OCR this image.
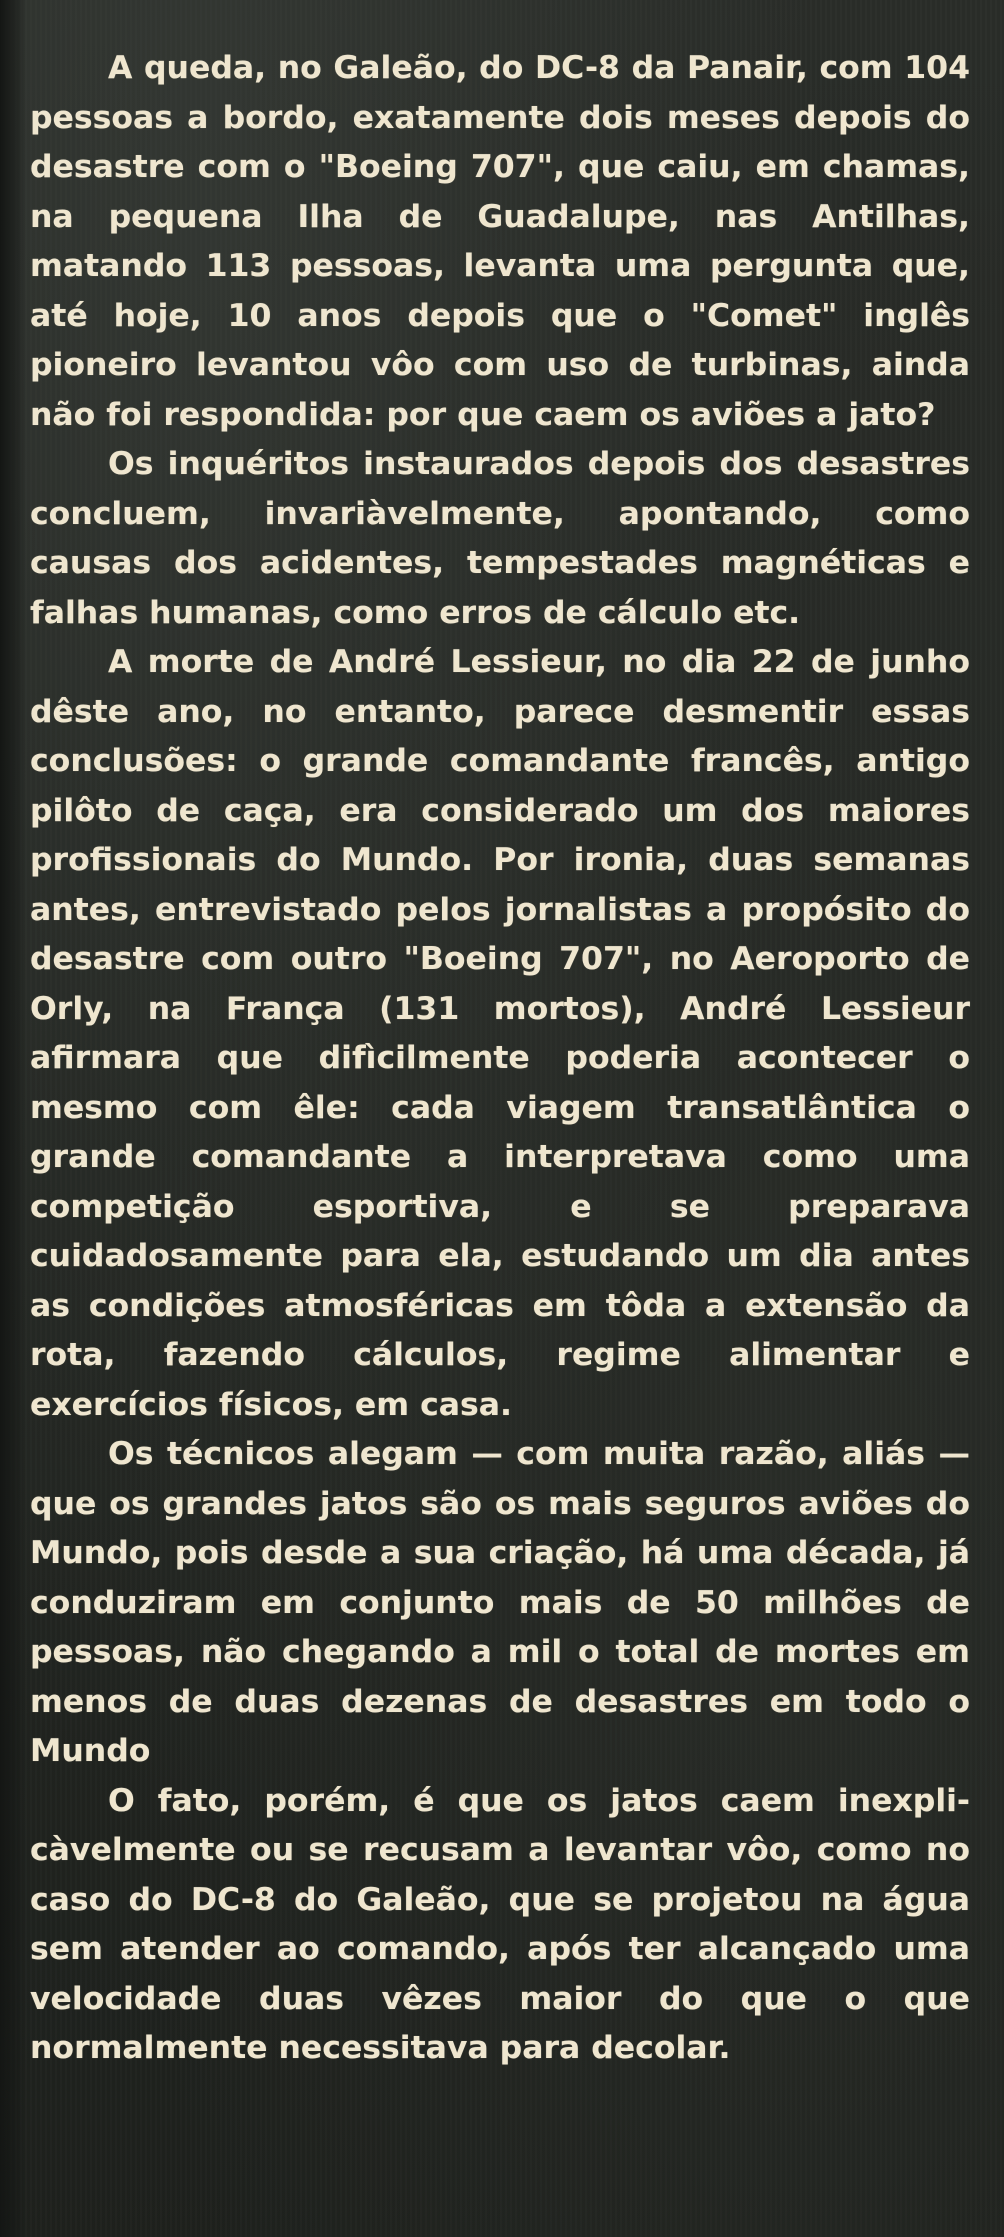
A queda, no Galeão, do DC-8 da Panair, com 104 pessoas a bordo, exatamente dois meses depois do desastre com o "Boeing 707", que caiu, em chamas, na pequena Ilha de Guadalupe, nas Antilhas, matando 113 pessoas, levanta uma pergunta que, até hoje, 10 anos depois que o "Comet" inglês pioneiro levantou vôo com uso de turbinas, ainda não foi respondida: por que caem os aviões a jato?

Os inquéritos instaurados depois dos desastres concluem, invariàvelmente, apontando, como causas dos acidentes, tempestades magnéticas e falhas humanas, como erros de cálculo etc.

A morte de André Lessieur, no dia 22 de junho dêste ano, no entanto, parece desmentir essas conclusões: o grande comandante francês, antigo pilôto de caça, era considerado um dos maiores profissionais do Mundo. Por ironia, duas semanas antes, entrevistado pelos jornalistas a propósito do desastre com outro "Boeing 707", no Aeroporto de Orly, na França (131 mortos), André Lessieur afirmara que difìcilmente poderia acontecer o mesmo com êle: cada viagem transatlântica o grande comandante a interpretava como uma competição esportiva, e se preparava cuidadosamente para ela, estudando um dia antes as condições atmosféricas em tôda a extensão da rota, fazendo cálculos, regime alimentar e exercícios físicos, em casa.

Os técnicos alegam — com muita razão, aliás — que os grandes jatos são os mais seguros aviões do Mundo, pois desde a sua criação, há uma década, já conduziram em conjunto mais de 50 milhões de pessoas, não chegando a mil o total de mortes em menos de duas dezenas de desastres em todo o Mundo

O fato, porém, é que os jatos caem inexplicàvelmente ou se recusam a levantar vôo, como no caso do DC-8 do Galeão, que se projetou na água sem atender ao comando, após ter alcançado uma velocidade duas vêzes maior do que o que normalmente necessitava para decolar.
